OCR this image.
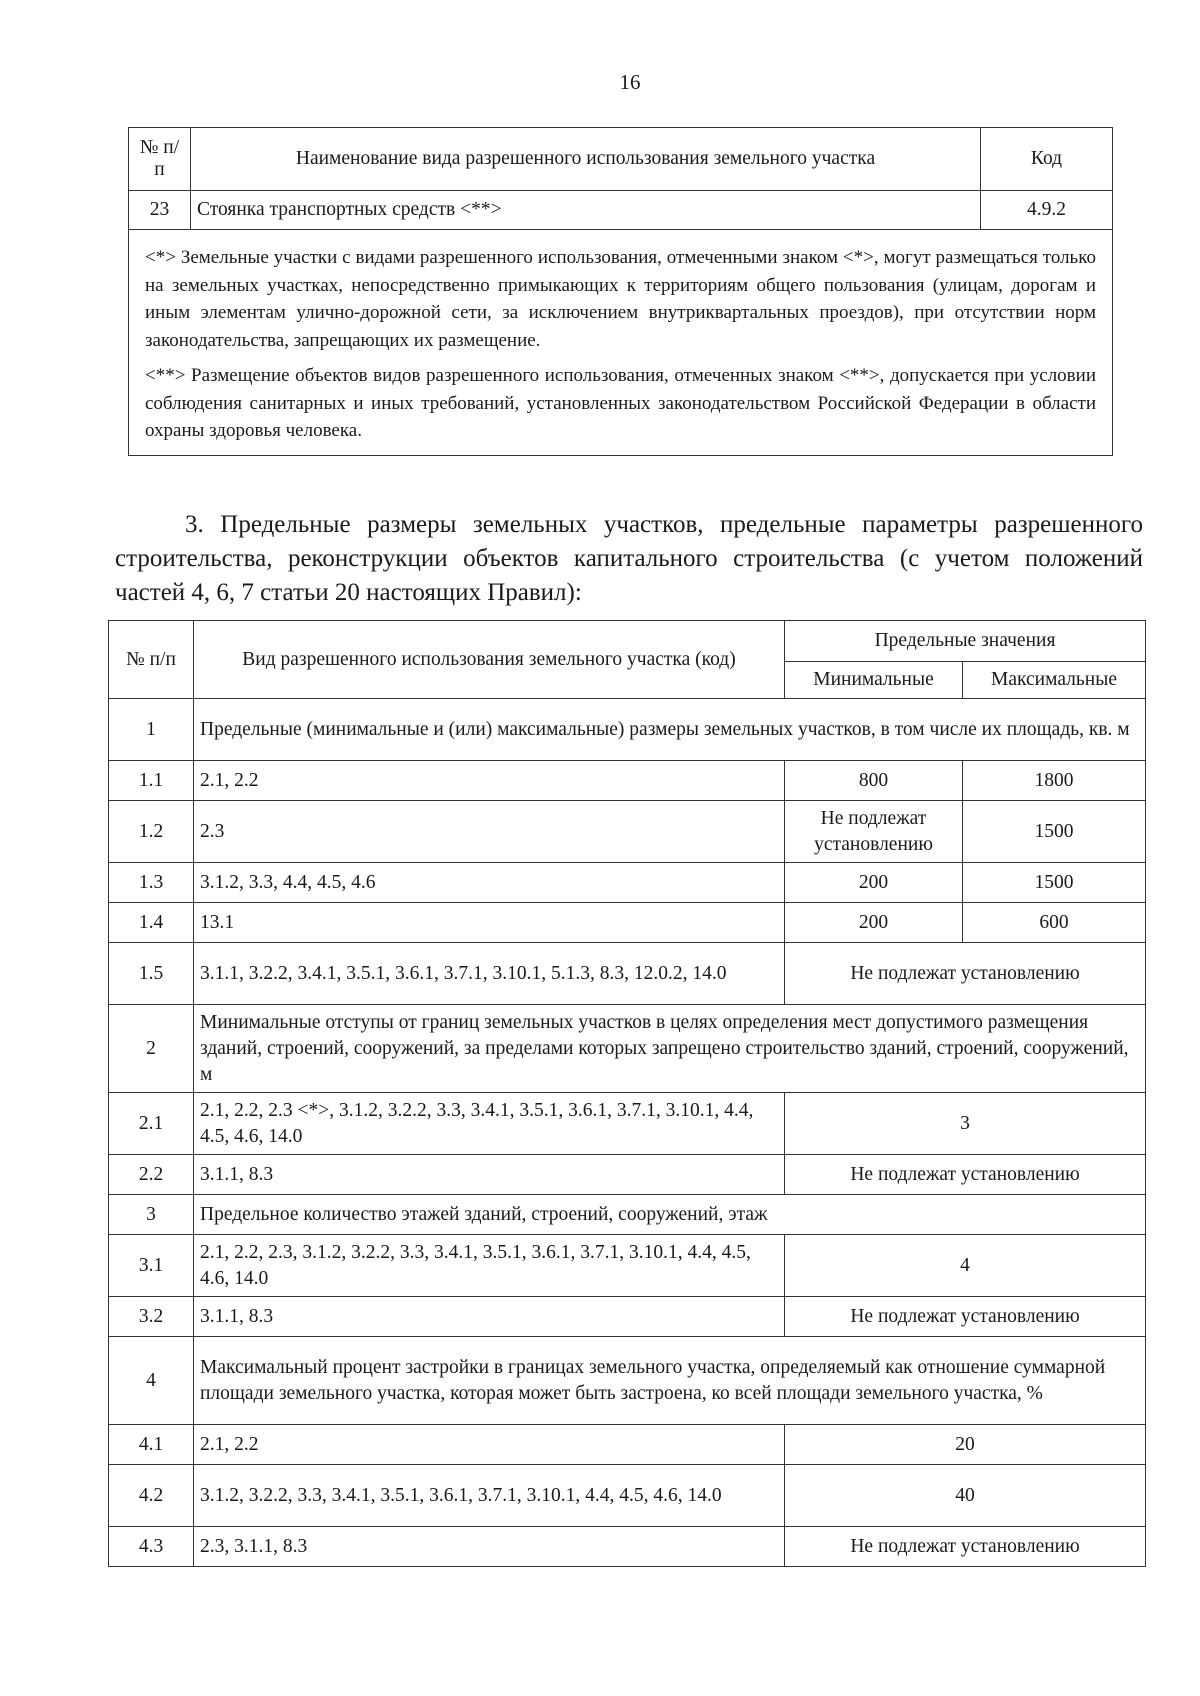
16
№ п/п	Наименование вида разрешенного использования земельного участка	Код
23	Стоянка транспортных средств <**>	4.9.2

<*> Земельные участки с видами разрешенного использования, отмеченными знаком <*>, могут размещаться только на земельных участках, непосредственно примыкающих к территориям общего пользования (улицам, дорогам и иным элементам улично-дорожной сети, за исключением внутриквартальных проездов), при отсутствии норм законодательства, запрещающих их размещение.

<**> Размещение объектов видов разрешенного использования, отмеченных знаком <**>, допускается при условии соблюдения санитарных и иных требований, установленных законодательством Российской Федерации в области охраны здоровья человека.		

3. Предельные размеры земельных участков, предельные параметры разрешенного строительства, реконструкции объектов капитального строительства (с учетом положений частей 4, 6, 7 статьи 20 настоящих Правил):

№ п/п	Вид разрешенного использования земельного участка (код)	Предельные значения	
		Минимальные	Максимальные
1	Предельные (минимальные и (или) максимальные) размеры земельных участков, в том числе их площадь, кв. м		
1.1	2.1, 2.2	800	1800
1.2	2.3	Не подлежат установлению	1500
1.3	3.1.2, 3.3, 4.4, 4.5, 4.6	200	1500
1.4	13.1	200	600
1.5	3.1.1, 3.2.2, 3.4.1, 3.5.1, 3.6.1, 3.7.1, 3.10.1, 5.1.3, 8.3, 12.0.2, 14.0	Не подлежат установлению	
2	Минимальные отступы от границ земельных участков в целях определения мест допустимого размещения зданий, строений, сооружений, за пределами которых запрещено строительство зданий, строений, сооружений, м		
2.1	2.1, 2.2, 2.3 <*>, 3.1.2, 3.2.2, 3.3, 3.4.1, 3.5.1, 3.6.1, 3.7.1, 3.10.1, 4.4, 4.5, 4.6, 14.0	3	
2.2	3.1.1, 8.3	Не подлежат установлению	
3	Предельное количество этажей зданий, строений, сооружений, этаж		
3.1	2.1, 2.2, 2.3, 3.1.2, 3.2.2, 3.3, 3.4.1, 3.5.1, 3.6.1, 3.7.1, 3.10.1, 4.4, 4.5, 4.6, 14.0	4	
3.2	3.1.1, 8.3	Не подлежат установлению	
4	Максимальный процент застройки в границах земельного участка, определяемый как отношение суммарной площади земельного участка, которая может быть застроена, ко всей площади земельного участка, %		
4.1	2.1, 2.2	20	
4.2	3.1.2, 3.2.2, 3.3, 3.4.1, 3.5.1, 3.6.1, 3.7.1, 3.10.1, 4.4, 4.5, 4.6, 14.0	40	
4.3	2.3, 3.1.1, 8.3	Не подлежат установлению	
